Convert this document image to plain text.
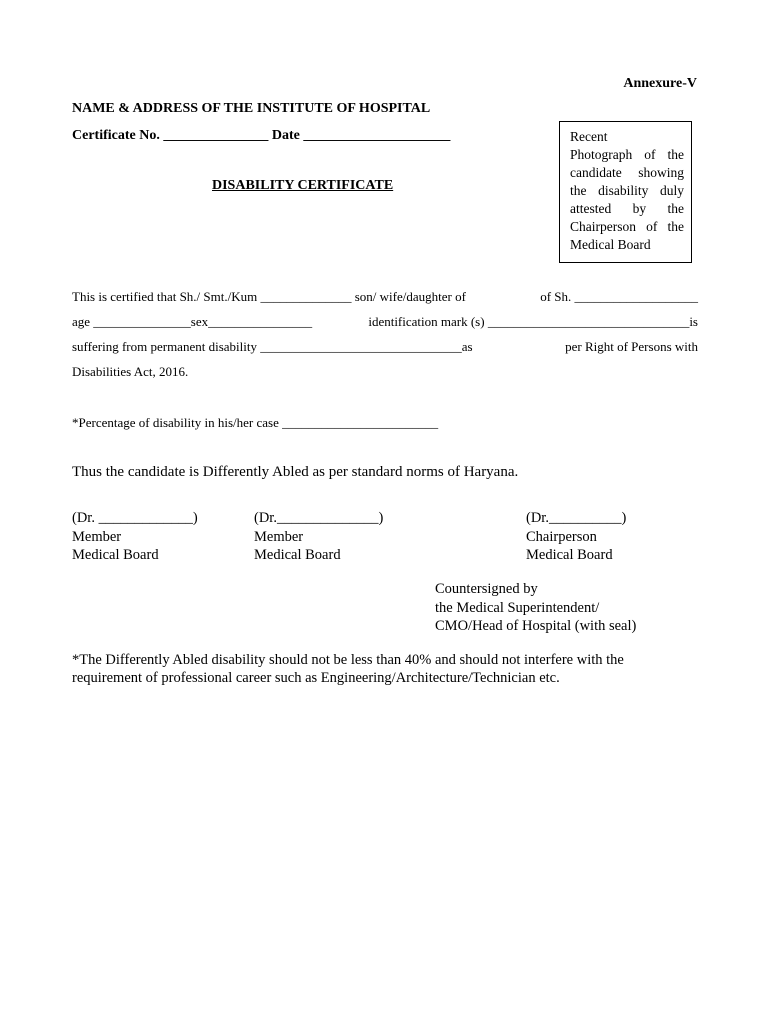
Annexure-V
NAME & ADDRESS OF THE INSTITUTE OF HOSPITAL
Certificate No. _______________ Date _____________________
DISABILITY CERTIFICATE
Recent
Photograph of the
candidate showing
the disability duly
attested by the
Chairperson of the
Medical Board
This is certified that Sh./ Smt./Kum ______________ son/ wife/daughter of	of Sh. ___________________
age _______________sex________________	identification mark (s) _______________________________is
suffering from permanent disability _______________________________as	per Right of Persons with
Disabilities Act, 2016.
*Percentage of disability in his/her case ________________________
Thus the candidate is Differently Abled as per standard norms of Haryana.
(Dr. _____________)
Member
Medical Board
(Dr.______________)
Member
Medical Board
(Dr.__________)
Chairperson
Medical Board
Countersigned by
the Medical Superintendent/
CMO/Head of Hospital (with seal)
*The Differently Abled disability should not be less than 40% and should not interfere with the
requirement of professional career such as Engineering/Architecture/Technician etc.
